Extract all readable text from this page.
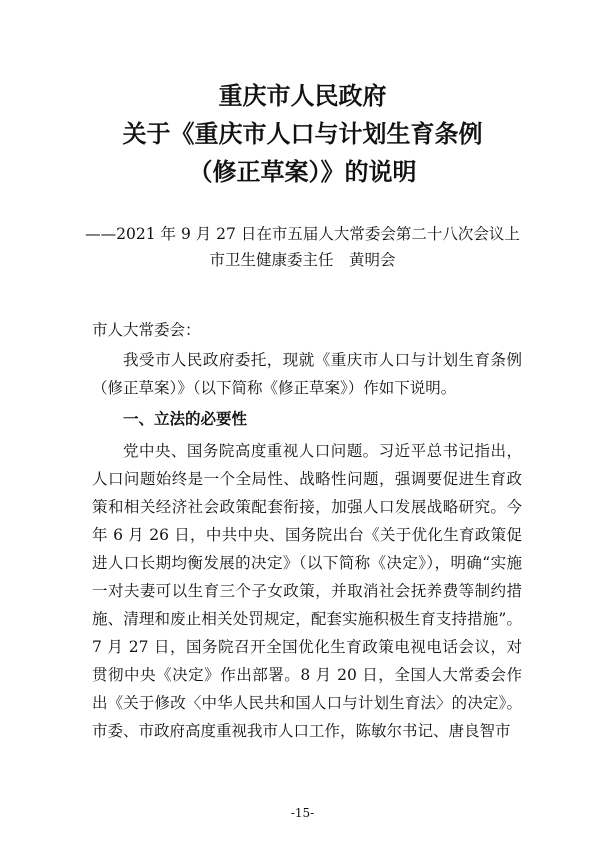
重庆市人民政府
关于《重庆市人口与计划生育条例
（修正草案）》的说明
——2021 年 9 月 27 日在市五届人大常委会第二十八次会议上
市卫生健康委主任　黄明会
市人大常委会：
我受市人民政府委托，现就《重庆市人口与计划生育条例（修正草案）》（以下简称《修正草案》）作如下说明。
一、立法的必要性
党中央、国务院高度重视人口问题。习近平总书记指出，人口问题始终是一个全局性、战略性问题，强调要促进生育政策和相关经济社会政策配套衔接，加强人口发展战略研究。今年 6 月 26 日，中共中央、国务院出台《关于优化生育政策促进人口长期均衡发展的决定》（以下简称《决定》），明确“实施一对夫妻可以生育三个子女政策，并取消社会抚养费等制约措施、清理和废止相关处罚规定，配套实施积极生育支持措施”。7 月 27 日，国务院召开全国优化生育政策电视电话会议，对贯彻中央《决定》作出部署。8 月 20 日，全国人大常委会作出《关于修改〈中华人民共和国人口与计划生育法〉的决定》。市委、市政府高度重视我市人口工作，陈敏尔书记、唐良智市
-15-
